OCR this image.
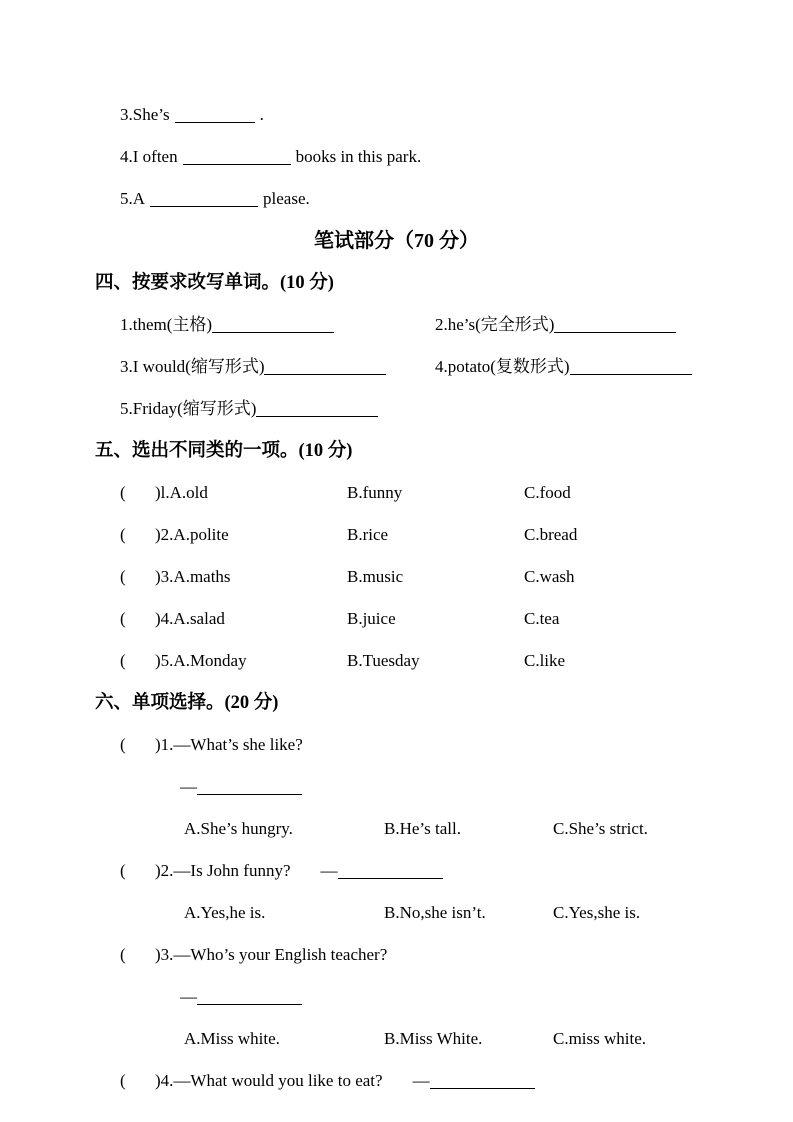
3.She’s	.
4.I often	books in this park.
5.A	please.
笔试部分（70 分）
四、按要求改写单词。(10 分)
1.them(主格)	2.he’s(完全形式)
3.I would(缩写形式)	4.potato(复数形式)
5.Friday(缩写形式)
五、选出不同类的一项。(10 分)
( )l.A.old	B.funny	C.food
( )2.A.polite	B.rice	C.bread
( )3.A.maths	B.music	C.wash
( )4.A.salad	B.juice	C.tea
( )5.A.Monday	B.Tuesday	C.like
六、单项选择。(20 分)
( )1.—What’s she like?
—
A.She’s hungry.	B.He’s tall.	C.She’s strict.
( )2.—Is John funny? —
A.Yes,he is.	B.No,she isn’t.	C.Yes,she is.
( )3.—Who’s your English teacher?
—
A.Miss white.	B.Miss White.	C.miss white.
( )4.—What would you like to eat? —
